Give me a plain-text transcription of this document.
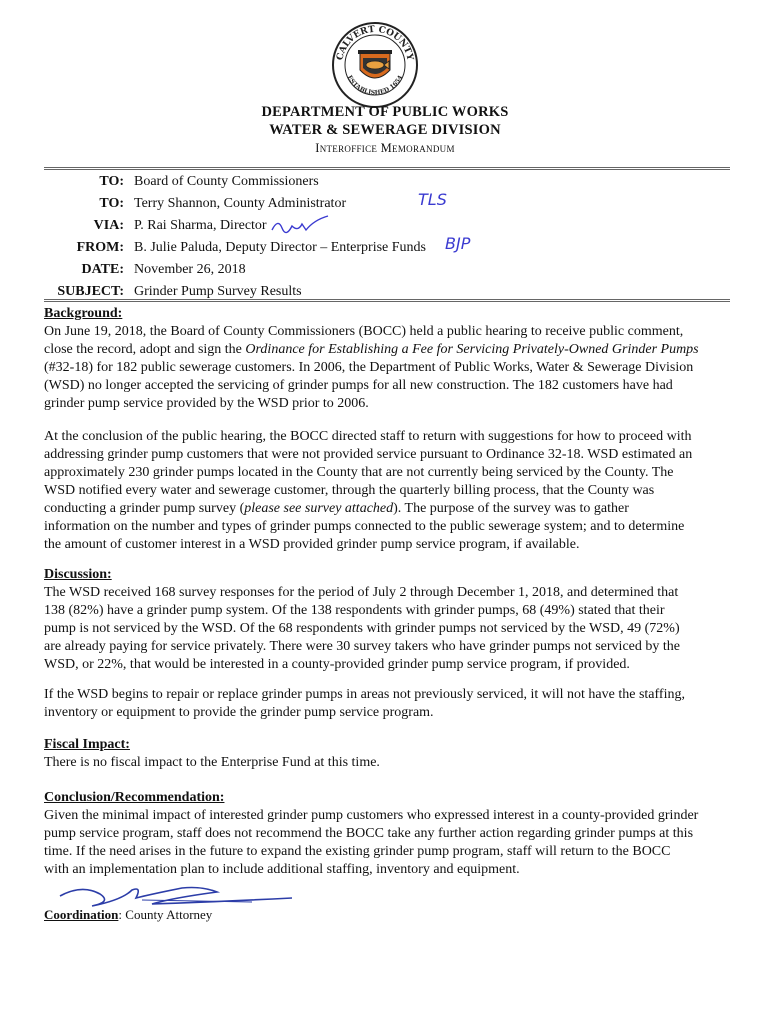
CALVERT COUNTY
ESTABLISHED 1654
DEPARTMENT OF PUBLIC WORKS
WATER & SEWERAGE DIVISION
Interoffice Memorandum
TO: Board of County Commissioners
TO: Terry Shannon, County Administrator
VIA: P. Rai Sharma, Director
FROM: B. Julie Paluda, Deputy Director – Enterprise Funds
DATE: November 26, 2018
SUBJECT: Grinder Pump Survey Results
TLS
BJP
Background:
On June 19, 2018, the Board of County Commissioners (BOCC) held a public hearing to receive public comment,
close the record, adopt and sign the Ordinance for Establishing a Fee for Servicing Privately-Owned Grinder Pumps
(#32-18) for 182 public sewerage customers. In 2006, the Department of Public Works, Water & Sewerage Division
(WSD) no longer accepted the servicing of grinder pumps for all new construction. The 182 customers have had
grinder pump service provided by the WSD prior to 2006.
At the conclusion of the public hearing, the BOCC directed staff to return with suggestions for how to proceed with
addressing grinder pump customers that were not provided service pursuant to Ordinance 32-18. WSD estimated an
approximately 230 grinder pumps located in the County that are not currently being serviced by the County. The
WSD notified every water and sewerage customer, through the quarterly billing process, that the County was
conducting a grinder pump survey (please see survey attached). The purpose of the survey was to gather
information on the number and types of grinder pumps connected to the public sewerage system; and to determine
the amount of customer interest in a WSD provided grinder pump service program, if available.
Discussion:
The WSD received 168 survey responses for the period of July 2 through December 1, 2018, and determined that
138 (82%) have a grinder pump system. Of the 138 respondents with grinder pumps, 68 (49%) stated that their
pump is not serviced by the WSD. Of the 68 respondents with grinder pumps not serviced by the WSD, 49 (72%)
are already paying for service privately. There were 30 survey takers who have grinder pumps not serviced by the
WSD, or 22%, that would be interested in a county-provided grinder pump service program, if provided.
If the WSD begins to repair or replace grinder pumps in areas not previously serviced, it will not have the staffing,
inventory or equipment to provide the grinder pump service program.
Fiscal Impact:
There is no fiscal impact to the Enterprise Fund at this time.
Conclusion/Recommendation:
Given the minimal impact of interested grinder pump customers who expressed interest in a county-provided grinder
pump service program, staff does not recommend the BOCC take any further action regarding grinder pumps at this
time. If the need arises in the future to expand the existing grinder pump program, staff will return to the BOCC
with an implementation plan to include additional staffing, inventory and equipment.
Coordination: County Attorney
